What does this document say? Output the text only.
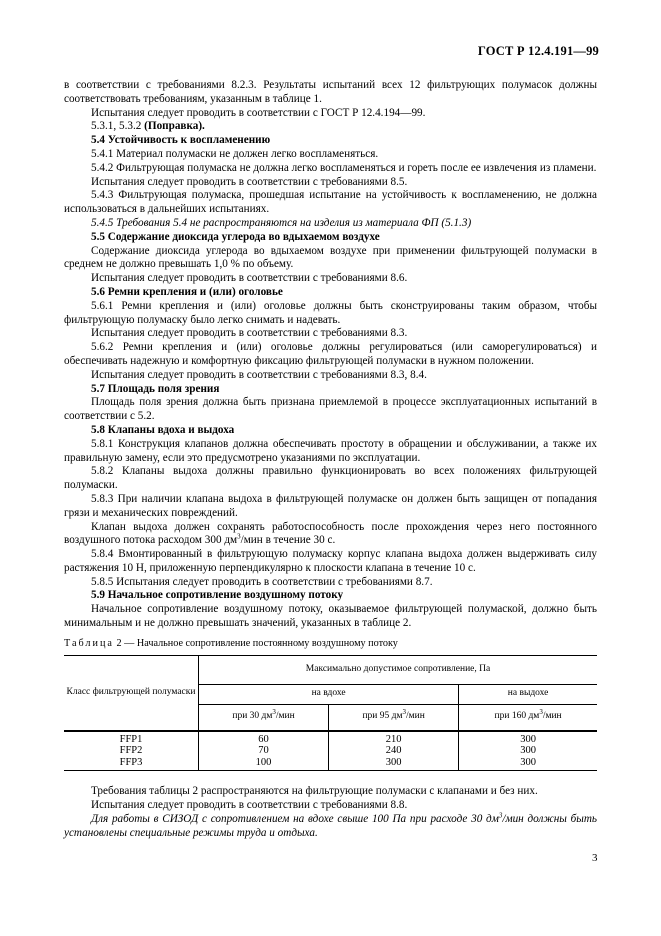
ГОСТ Р 12.4.191—99

в соответствии с требованиями 8.2.3. Результаты испытаний всех 12 фильтрующих полумасок должны соответствовать требованиям, указанным в таблице 1.

Испытания следует проводить в соответствии с ГОСТ Р 12.4.194—99.

5.3.1, 5.3.2 (Поправка).

5.4 Устойчивость к воспламенению

5.4.1 Материал полумаски не должен легко воспламеняться.

5.4.2 Фильтрующая полумаска не должна легко воспламеняться и гореть после ее извлечения из пламени.

Испытания следует проводить в соответствии с требованиями 8.5.

5.4.3 Фильтрующая полумаска, прошедшая испытание на устойчивость к воспламенению, не должна использоваться в дальнейших испытаниях.

5.4.5 Требования 5.4 не распространяются на изделия из материала ФП (5.1.3)

5.5 Содержание диоксида углерода во вдыхаемом воздухе

Содержание диоксида углерода во вдыхаемом воздухе при применении фильтрующей полумаски в среднем не должно превышать 1,0 % по объему.

Испытания следует проводить в соответствии с требованиями 8.6.

5.6 Ремни крепления и (или) оголовье

5.6.1 Ремни крепления и (или) оголовье должны быть сконструированы таким образом, чтобы фильтрующую полумаску было легко снимать и надевать.

Испытания следует проводить в соответствии с требованиями 8.3.

5.6.2 Ремни крепления и (или) оголовье должны регулироваться (или саморегулироваться) и обеспечивать надежную и комфортную фиксацию фильтрующей полумаски в нужном положении.

Испытания следует проводить в соответствии с требованиями 8.3, 8.4.

5.7 Площадь поля зрения

Площадь поля зрения должна быть признана приемлемой в процессе эксплуатационных испытаний в соответствии с 5.2.

5.8 Клапаны вдоха и выдоха

5.8.1 Конструкция клапанов должна обеспечивать простоту в обращении и обслуживании, а также их правильную замену, если это предусмотрено указаниями по эксплуатации.

5.8.2 Клапаны выдоха должны правильно функционировать во всех положениях фильтрующей полумаски.

5.8.3 При наличии клапана выдоха в фильтрующей полумаске он должен быть защищен от попадания грязи и механических повреждений.

Клапан выдоха должен сохранять работоспособность после прохождения через него постоянного воздушного потока расходом 300 $дм^3$/мин в течение 30 с.

5.8.4 Вмонтированный в фильтрующую полумаску корпус клапана выдоха должен выдерживать силу растяжения 10 Н, приложенную перпендикулярно к плоскости клапана в течение 10 с.

5.8.5 Испытания следует проводить в соответствии с требованиями 8.7.

5.9 Начальное сопротивление воздушному потоку

Начальное сопротивление воздушному потоку, оказываемое фильтрующей полумаской, должно быть минимальным и не должно превышать значений, указанных в таблице 2.

Таблица 2 — Начальное сопротивление постоянному воздушному потоку
Класс фильтрующей полумаски	Максимально допустимое сопротивление, Па		
	на вдохе		на выдохе
	при 30 $дм^3$/мин	при 95 $дм^3$/мин	при 160 $дм^3$/мин
FFP1	60	210	300
FFP2	70	240	300
FFP3	100	300	300

Требования таблицы 2 распространяются на фильтрующие полумаски с клапанами и без них.

Испытания следует проводить в соответствии с требованиями 8.8.

Для работы в СИЗОД с сопротивлением на вдохе свыше 100 Па при расходе 30 $дм^3$/мин должны быть установлены специальные режимы труда и отдыха.

3
